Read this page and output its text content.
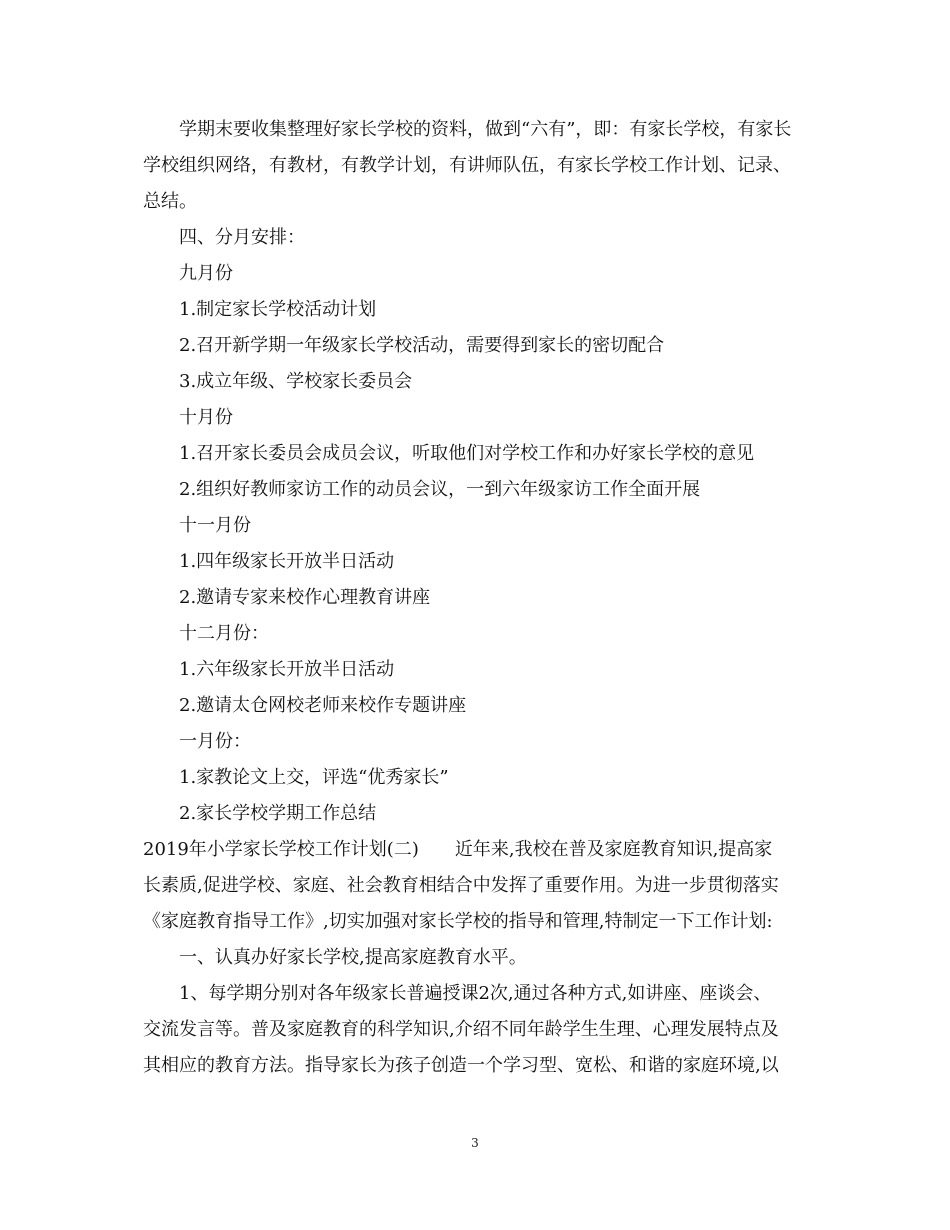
学期末要收集整理好家长学校的资料，做到“六有”，即：有家长学校，有家长
学校组织网络，有教材，有教学计划，有讲师队伍，有家长学校工作计划、记录、
总结。
四、分月安排：
九月份
1.制定家长学校活动计划
2.召开新学期一年级家长学校活动，需要得到家长的密切配合
3.成立年级、学校家长委员会
十月份
1.召开家长委员会成员会议，听取他们对学校工作和办好家长学校的意见
2.组织好教师家访工作的动员会议，一到六年级家访工作全面开展
十一月份
1.四年级家长开放半日活动
2.邀请专家来校作心理教育讲座
十二月份：
1.六年级家长开放半日活动
2.邀请太仓网校老师来校作专题讲座
一月份：
1.家教论文上交，评选“优秀家长”
2.家长学校学期工作总结
2019年小学家长学校工作计划(二)　　近年来,我校在普及家庭教育知识,提高家
长素质,促进学校、家庭、社会教育相结合中发挥了重要作用。为进一步贯彻落实
《家庭教育指导工作》,切实加强对家长学校的指导和管理,特制定一下工作计划:
一、认真办好家长学校,提高家庭教育水平。
1、每学期分别对各年级家长普遍授课2次,通过各种方式,如讲座、座谈会、
交流发言等。普及家庭教育的科学知识,介绍不同年龄学生生理、心理发展特点及
其相应的教育方法。指导家长为孩子创造一个学习型、宽松、和谐的家庭环境,以
3
